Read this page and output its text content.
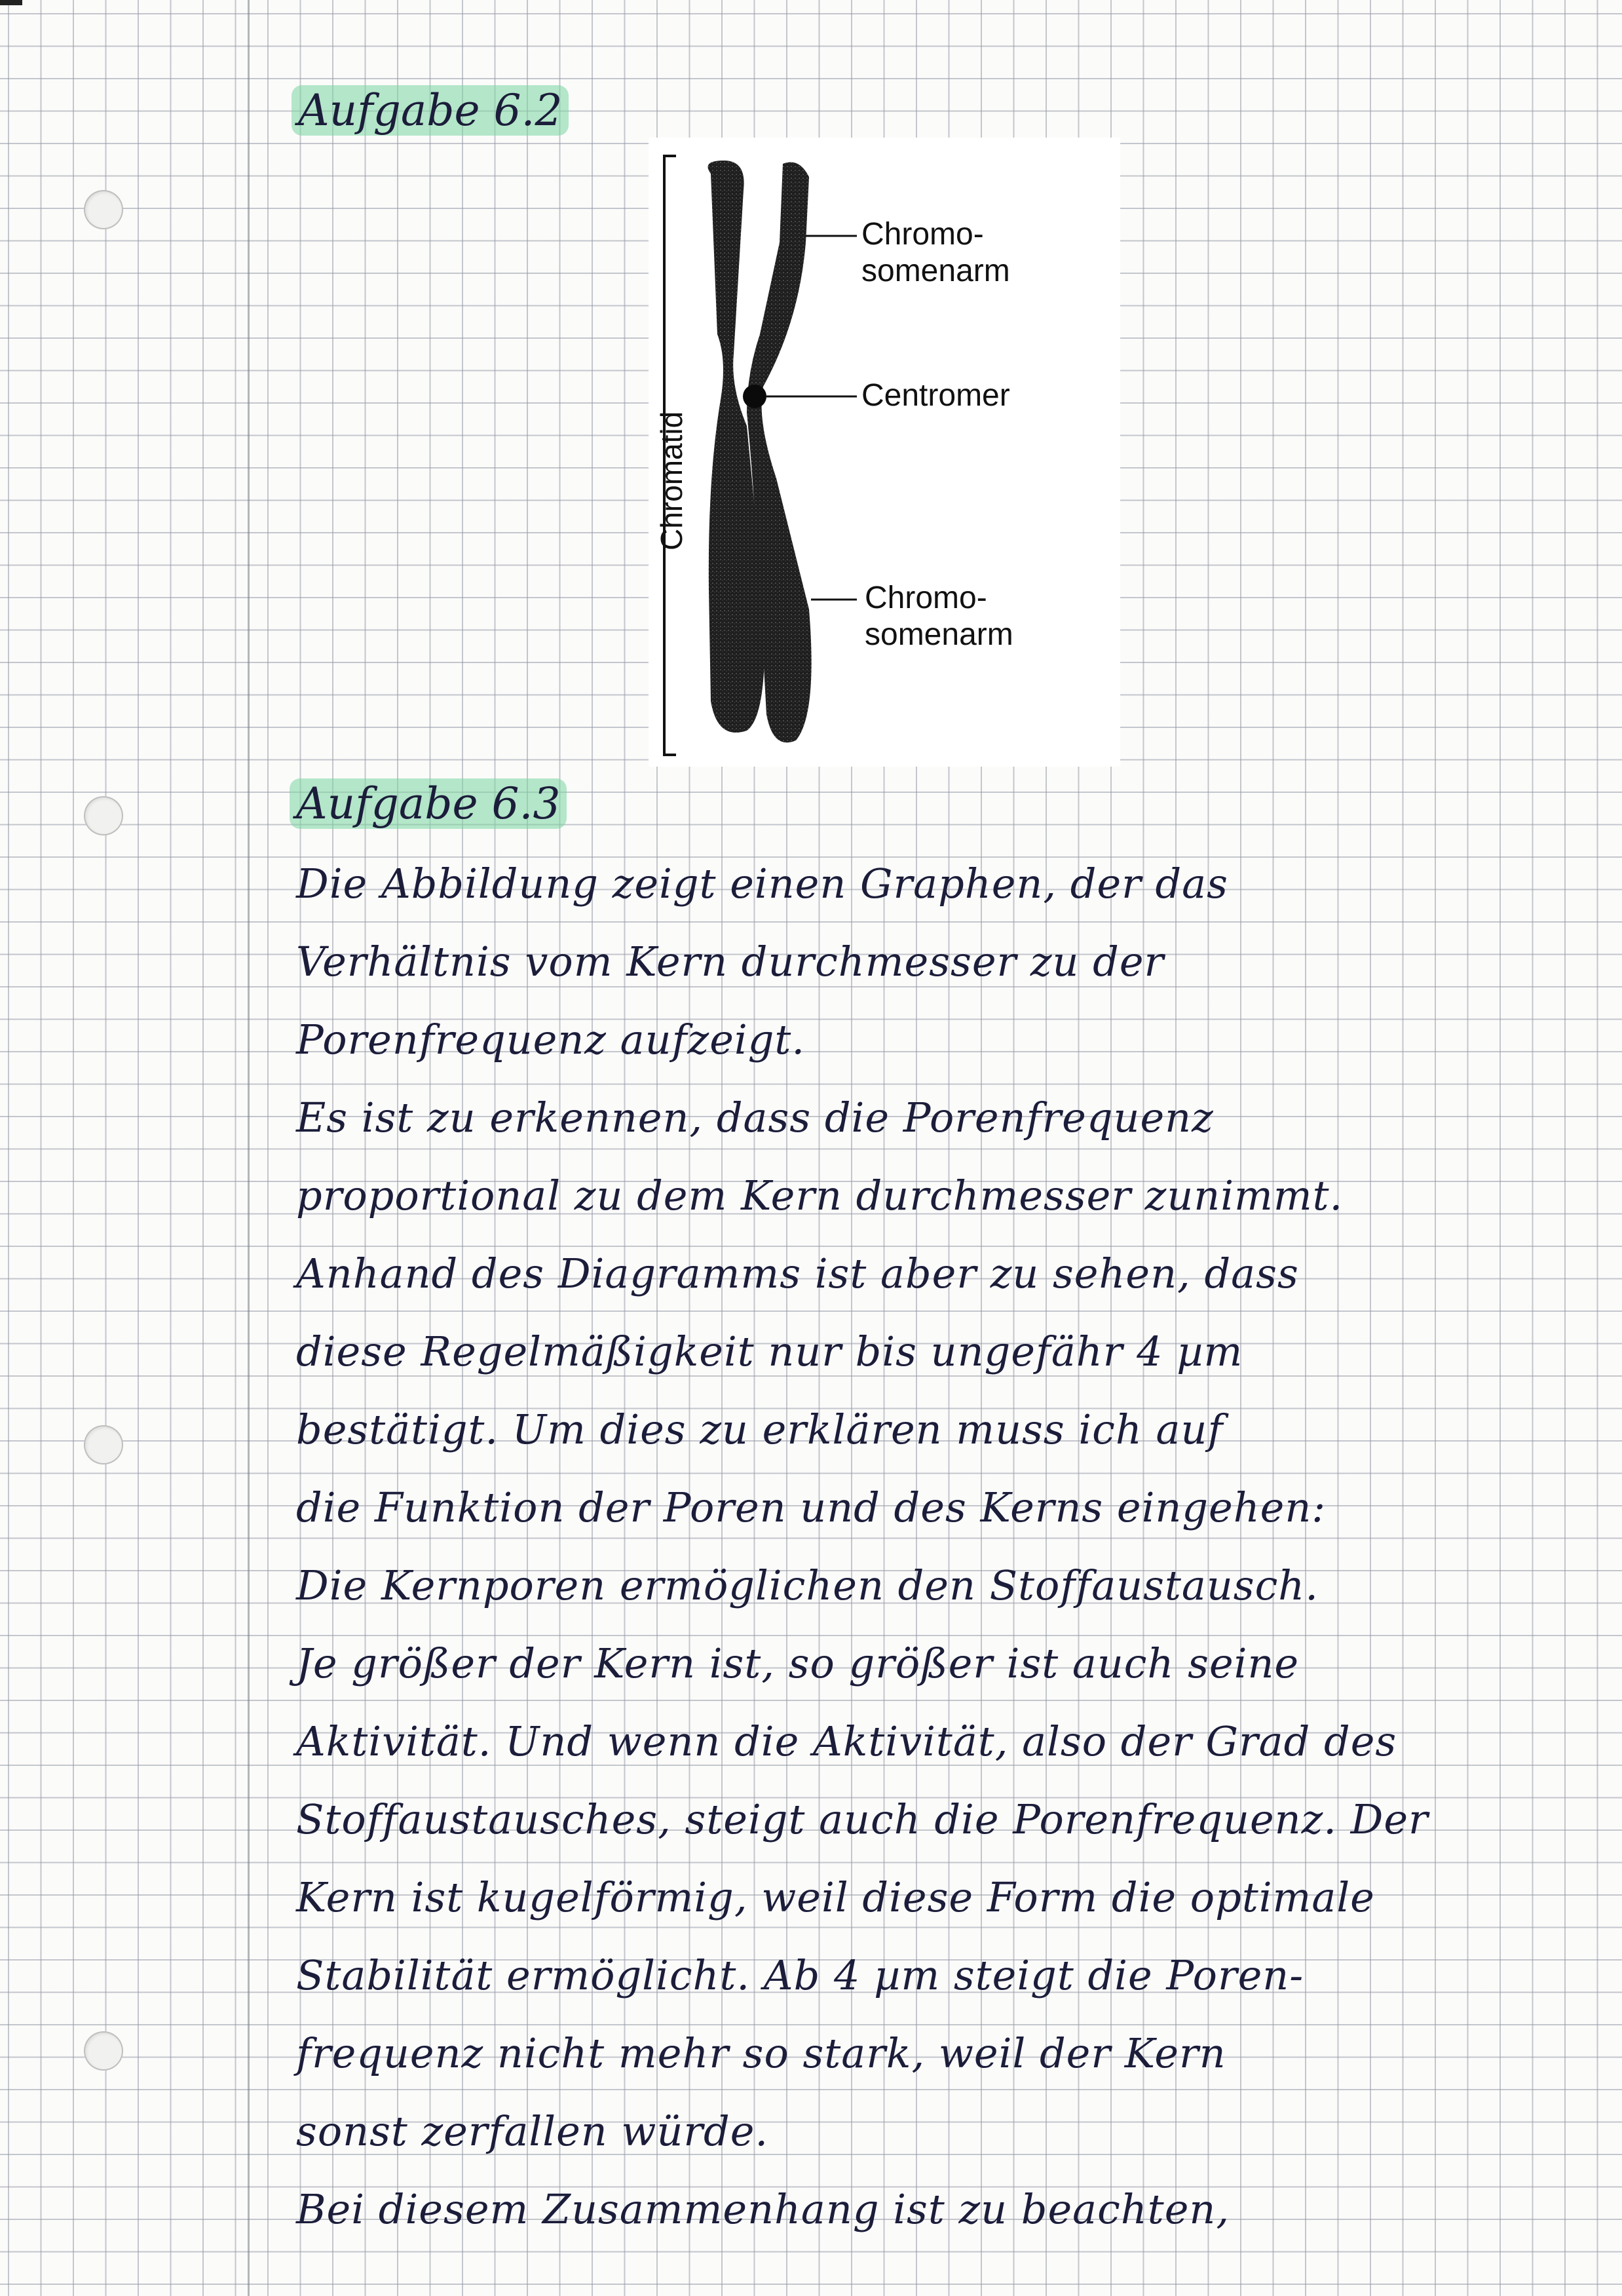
Aufgabe 6.2
Chromo-
somenarm
Centromer
Chromo-
somenarm
Chromatid
Aufgabe 6.3
Die Abbildung zeigt einen Graphen, der das
Verhältnis vom Kern durchmesser zu der
Porenfrequenz aufzeigt.
Es ist zu erkennen, dass die Porenfrequenz
proportional zu dem Kern durchmesser zunimmt.
Anhand des Diagramms ist aber zu sehen, dass
diese Regelmäßigkeit nur bis ungefähr 4 µm
bestätigt. Um dies zu erklären muss ich auf
die Funktion der Poren und des Kerns eingehen:
Die Kernporen ermöglichen den Stoffaustausch.
Je größer der Kern ist, so größer ist auch seine
Aktivität. Und wenn die Aktivität, also der Grad des
Stoffaustausches, steigt auch die Porenfrequenz. Der
Kern ist kugelförmig, weil diese Form die optimale
Stabilität ermöglicht. Ab 4 µm steigt die Poren-
frequenz nicht mehr so stark, weil der Kern
sonst zerfallen würde.
Bei diesem Zusammenhang ist zu beachten,
